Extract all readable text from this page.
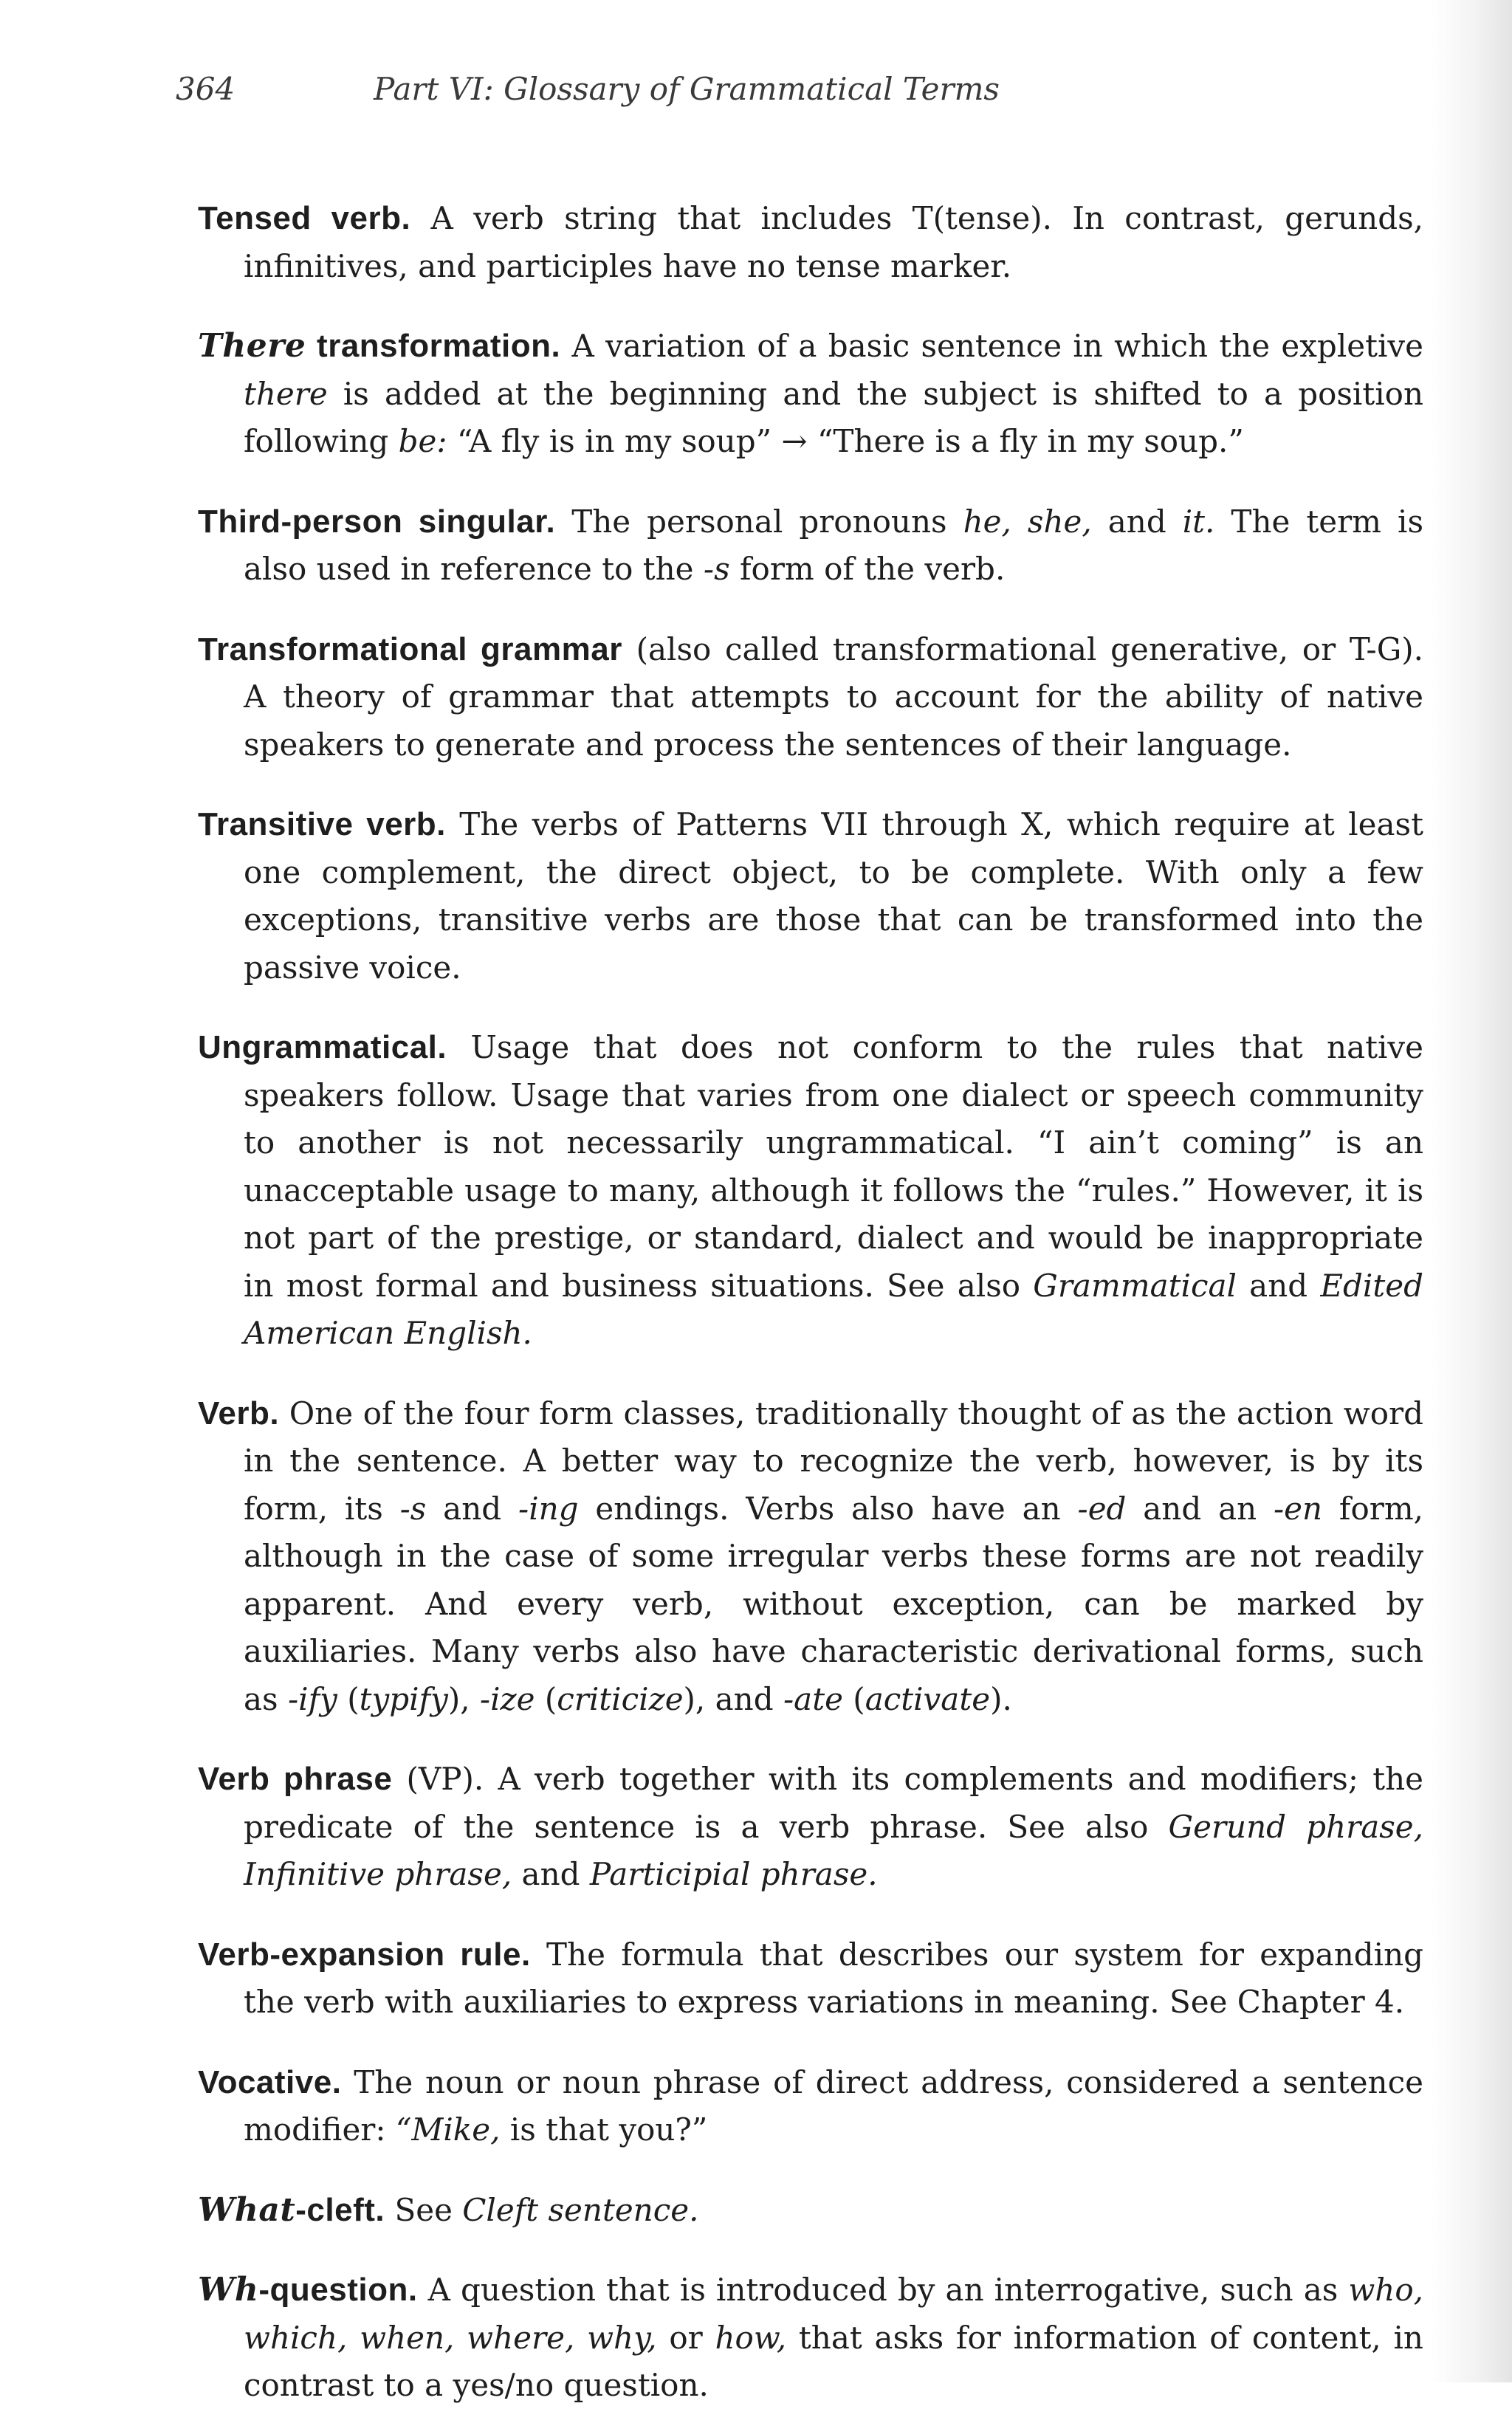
364	Part VI: Glossary of Grammatical Terms

Tensed verb. A verb string that includes T(tense). In contrast, gerunds, infinitives, and participles have no tense marker.

There transformation. A variation of a basic sentence in which the expletive there is added at the beginning and the subject is shifted to a position following be: “A fly is in my soup” → “There is a fly in my soup.”

Third-person singular. The personal pronouns he, she, and it. The term is also used in reference to the -s form of the verb.

Transformational grammar (also called transformational generative, or T-G). A theory of grammar that attempts to account for the ability of native speakers to generate and process the sentences of their language.

Transitive verb. The verbs of Patterns VII through X, which require at least one complement, the direct object, to be complete. With only a few exceptions, transitive verbs are those that can be transformed into the passive voice.

Ungrammatical. Usage that does not conform to the rules that native speakers follow. Usage that varies from one dialect or speech community to another is not necessarily ungrammatical. “I ain’t coming” is an unacceptable usage to many, although it follows the “rules.” However, it is not part of the prestige, or standard, dialect and would be inappropriate in most formal and business situations. See also Grammatical and Edited American English.

Verb. One of the four form classes, traditionally thought of as the action word in the sentence. A better way to recognize the verb, however, is by its form, its -s and -ing endings. Verbs also have an -ed and an -en form, although in the case of some irregular verbs these forms are not readily apparent. And every verb, without exception, can be marked by auxiliaries. Many verbs also have characteristic derivational forms, such as -ify (typify), -ize (criticize), and -ate (activate).

Verb phrase (VP). A verb together with its complements and modifiers; the predicate of the sentence is a verb phrase. See also Gerund phrase, Infinitive phrase, and Participial phrase.

Verb-expansion rule. The formula that describes our system for expanding the verb with auxiliaries to express variations in meaning. See Chapter 4.

Vocative. The noun or noun phrase of direct address, considered a sentence modifier: “Mike, is that you?”

What-cleft. See Cleft sentence.

Wh-question. A question that is introduced by an interrogative, such as who, which, when, where, why, or how, that asks for information of content, in contrast to a yes/no question.
